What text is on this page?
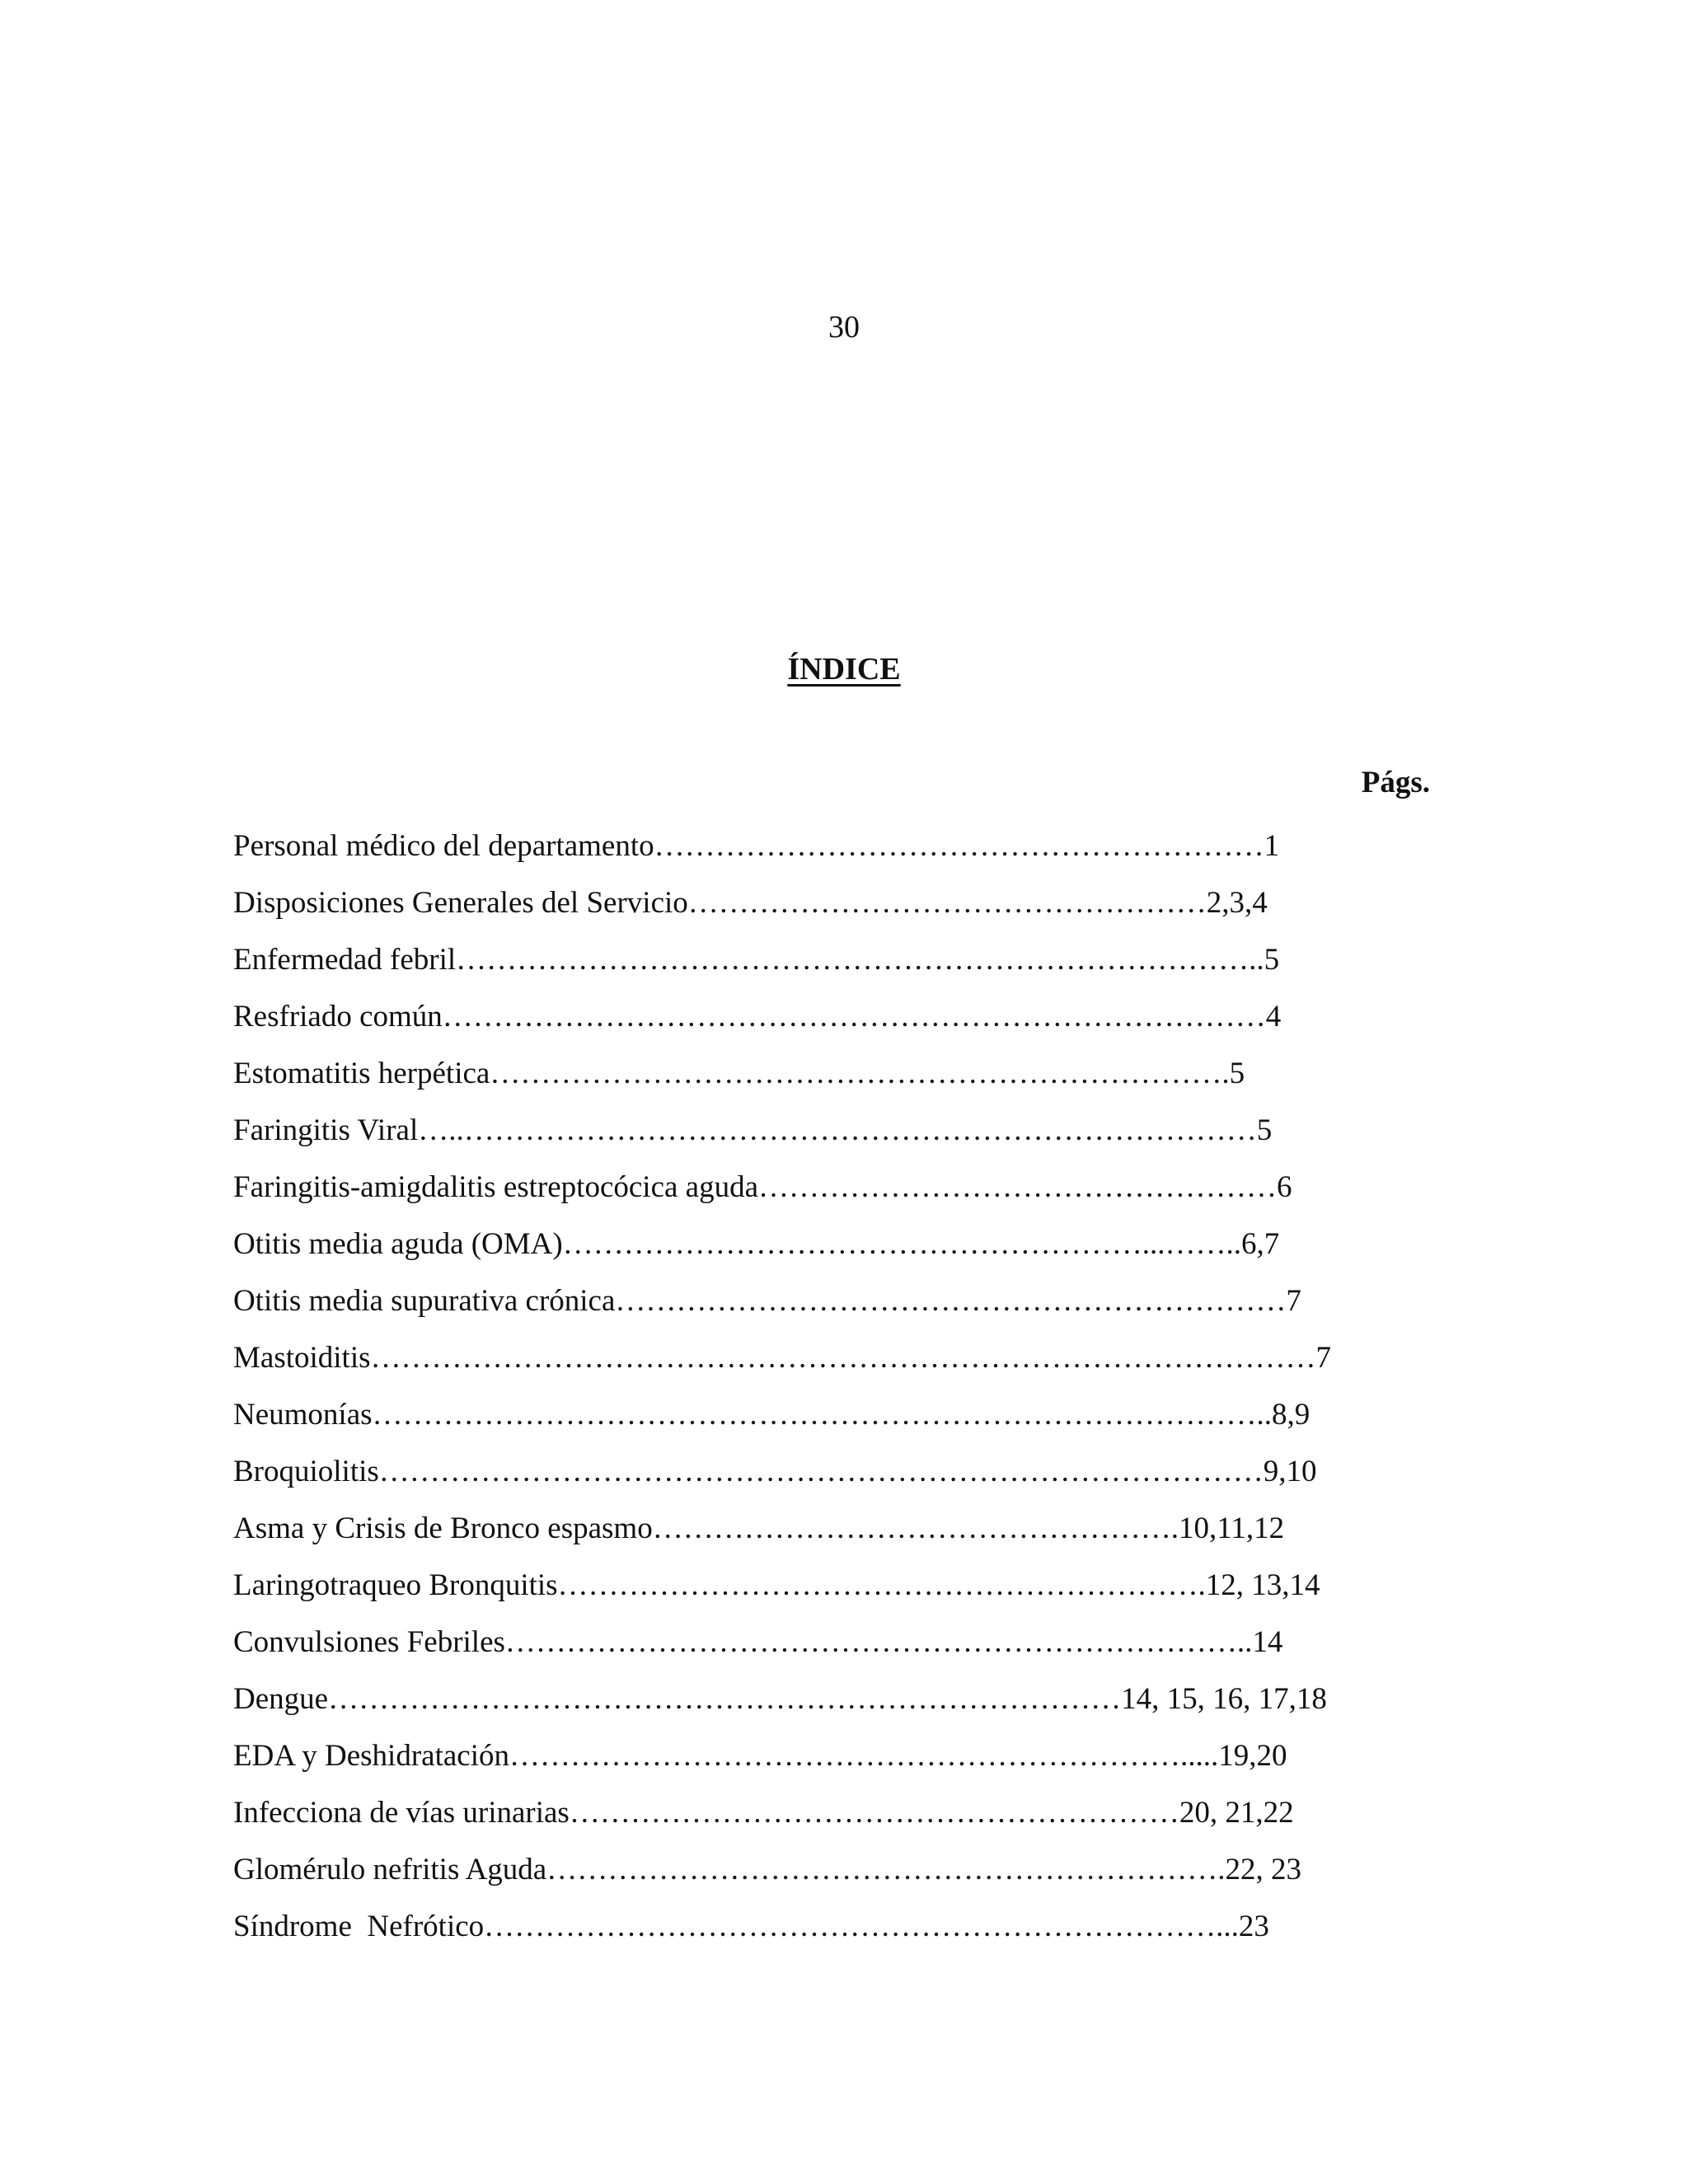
30
ÍNDICE
Págs.
Personal médico del departamento……………………………………………………1
Disposiciones Generales del Servicio……………………………………………2,3,4
Enfermedad febril……………………………………………………………………..5
Resfriado común………………………………………………………………………4
Estomatitis herpética……………………………………………………………….5
Faringitis Viral…..……………………………………………………………………5
Faringitis-amigdalitis estreptocócica aguda……………………………………………6
Otitis media aguda (OMA)…………………………………………………...……..6,7
Otitis media supurativa crónica…………………………………………………………7
Mastoiditis…………………………………………………………………………………7
Neumonías……………………………………………………………………………..8,9
Broquiolitis……………………………………………………………………………9,10
Asma y Crisis de Bronco espasmo…………………………………………….10,11,12
Laringotraqueo Bronquitis……………………………………………………….12, 13,14
Convulsiones Febriles………………………………………………………………..14
Dengue……………………………………………………………………14, 15, 16, 17,18
EDA y Deshidratación………………………………………………………….....19,20
Infecciona de vías urinarias……………………………………………………20, 21,22
Glomérulo nefritis Aguda………………………………………………………….22, 23
Síndrome  Nefrótico………………………………………………………………...23
